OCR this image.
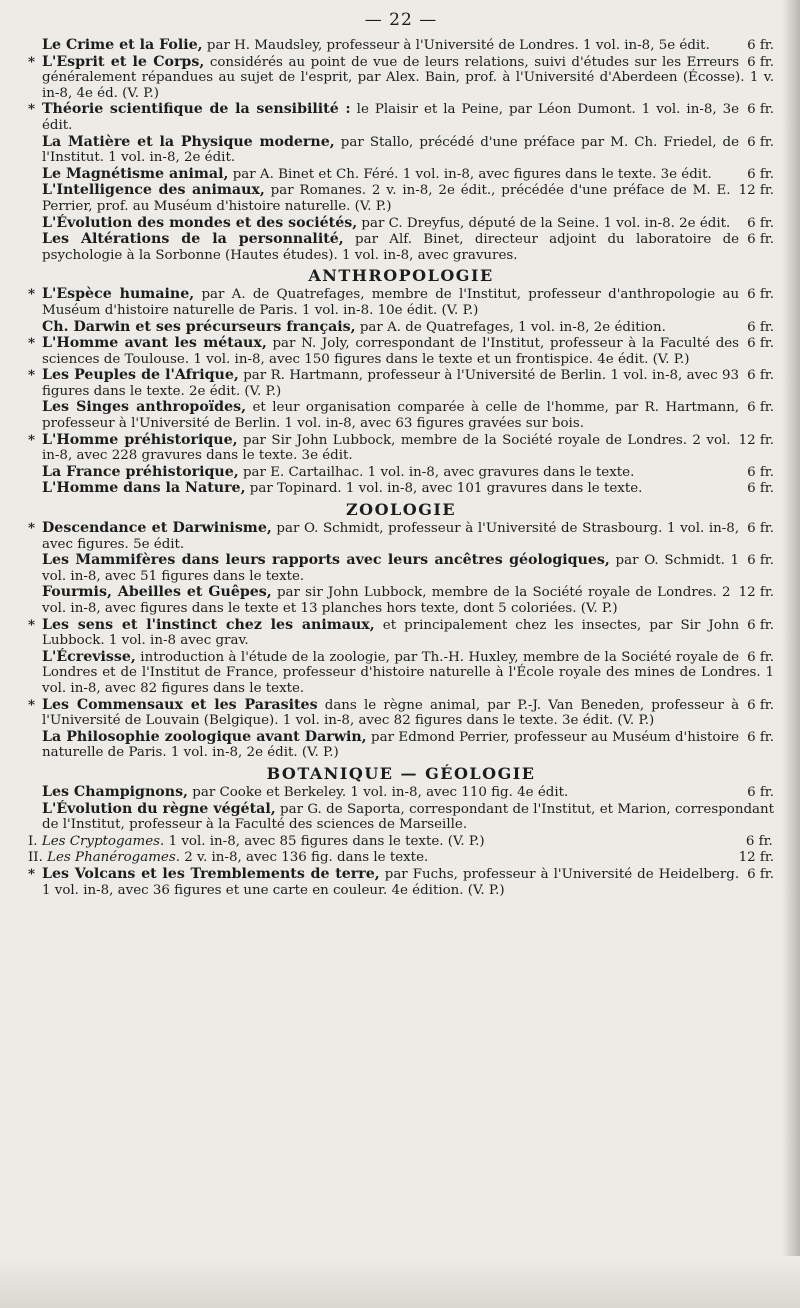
— 22 —
6 fr.
Le Crime et la Folie, par H. Maudsley, professeur à l'Université de Londres. 1 vol. in-8, 5e édit.
6 fr.
* L'Esprit et le Corps, considérés au point de vue de leurs relations, suivi d'études sur les Erreurs généralement répandues au sujet de l'esprit, par Alex. Bain, prof. à l'Université d'Aberdeen (Écosse). 1 v. in-8, 4e éd. (V. P.)
6 fr.
* Théorie scientifique de la sensibilité : le Plaisir et la Peine, par Léon Dumont. 1 vol. in-8, 3e édit.
6 fr.
La Matière et la Physique moderne, par Stallo, précédé d'une préface par M. Ch. Friedel, de l'Institut. 1 vol. in-8, 2e édit.
6 fr.
Le Magnétisme animal, par A. Binet et Ch. Féré. 1 vol. in-8, avec figures dans le texte. 3e édit.
12 fr.
L'Intelligence des animaux, par Romanes. 2 v. in-8, 2e édit., précédée d'une préface de M. E. Perrier, prof. au Muséum d'histoire naturelle. (V. P.)
6 fr.
L'Évolution des mondes et des sociétés, par C. Dreyfus, député de la Seine. 1 vol. in-8. 2e édit.
6 fr.
Les Altérations de la personnalité, par Alf. Binet, directeur adjoint du laboratoire de psychologie à la Sorbonne (Hautes études). 1 vol. in-8, avec gravures.
ANTHROPOLOGIE
6 fr.
* L'Espèce humaine, par A. de Quatrefages, membre de l'Institut, professeur d'anthropologie au Muséum d'histoire naturelle de Paris. 1 vol. in-8. 10e édit. (V. P.)
6 fr.
Ch. Darwin et ses précurseurs français, par A. de Quatrefages, 1 vol. in-8, 2e édition.
6 fr.
* L'Homme avant les métaux, par N. Joly, correspondant de l'Institut, professeur à la Faculté des sciences de Toulouse. 1 vol. in-8, avec 150 figures dans le texte et un frontispice. 4e édit. (V. P.)
6 fr.
* Les Peuples de l'Afrique, par R. Hartmann, professeur à l'Université de Berlin. 1 vol. in-8, avec 93 figures dans le texte. 2e édit. (V. P.)
6 fr.
Les Singes anthropoïdes, et leur organisation comparée à celle de l'homme, par R. Hartmann, professeur à l'Université de Berlin. 1 vol. in-8, avec 63 figures gravées sur bois.
12 fr.
* L'Homme préhistorique, par Sir John Lubbock, membre de la Société royale de Londres. 2 vol. in-8, avec 228 gravures dans le texte. 3e édit.
6 fr.
La France préhistorique, par E. Cartailhac. 1 vol. in-8, avec gravures dans le texte.
6 fr.
L'Homme dans la Nature, par Topinard. 1 vol. in-8, avec 101 gravures dans le texte.
ZOOLOGIE
6 fr.
* Descendance et Darwinisme, par O. Schmidt, professeur à l'Université de Strasbourg. 1 vol. in-8, avec figures. 5e édit.
6 fr.
Les Mammifères dans leurs rapports avec leurs ancêtres géologiques, par O. Schmidt. 1 vol. in-8, avec 51 figures dans le texte.
12 fr.
Fourmis, Abeilles et Guêpes, par sir John Lubbock, membre de la Société royale de Londres. 2 vol. in-8, avec figures dans le texte et 13 planches hors texte, dont 5 coloriées. (V. P.)
6 fr.
* Les sens et l'instinct chez les animaux, et principalement chez les insectes, par Sir John Lubbock. 1 vol. in-8 avec grav.
6 fr.
L'Écrevisse, introduction à l'étude de la zoologie, par Th.-H. Huxley, membre de la Société royale de Londres et de l'Institut de France, professeur d'histoire naturelle à l'École royale des mines de Londres. 1 vol. in-8, avec 82 figures dans le texte.
6 fr.
* Les Commensaux et les Parasites dans le règne animal, par P.-J. Van Beneden, professeur à l'Université de Louvain (Belgique). 1 vol. in-8, avec 82 figures dans le texte. 3e édit. (V. P.)
6 fr.
La Philosophie zoologique avant Darwin, par Edmond Perrier, professeur au Muséum d'histoire naturelle de Paris. 1 vol. in-8, 2e édit. (V. P.)
BOTANIQUE — GÉOLOGIE
6 fr.
Les Champignons, par Cooke et Berkeley. 1 vol. in-8, avec 110 fig. 4e édit.
L'Évolution du règne végétal, par G. de Saporta, correspondant de l'Institut, et Marion, correspondant de l'Institut, professeur à la Faculté des sciences de Marseille.
6 fr.
I. Les Cryptogames. 1 vol. in-8, avec 85 figures dans le texte. (V. P.)
12 fr.
II. Les Phanérogames. 2 v. in-8, avec 136 fig. dans le texte.
6 fr.
* Les Volcans et les Tremblements de terre, par Fuchs, professeur à l'Université de Heidelberg. 1 vol. in-8, avec 36 figures et une carte en couleur. 4e édition. (V. P.)
